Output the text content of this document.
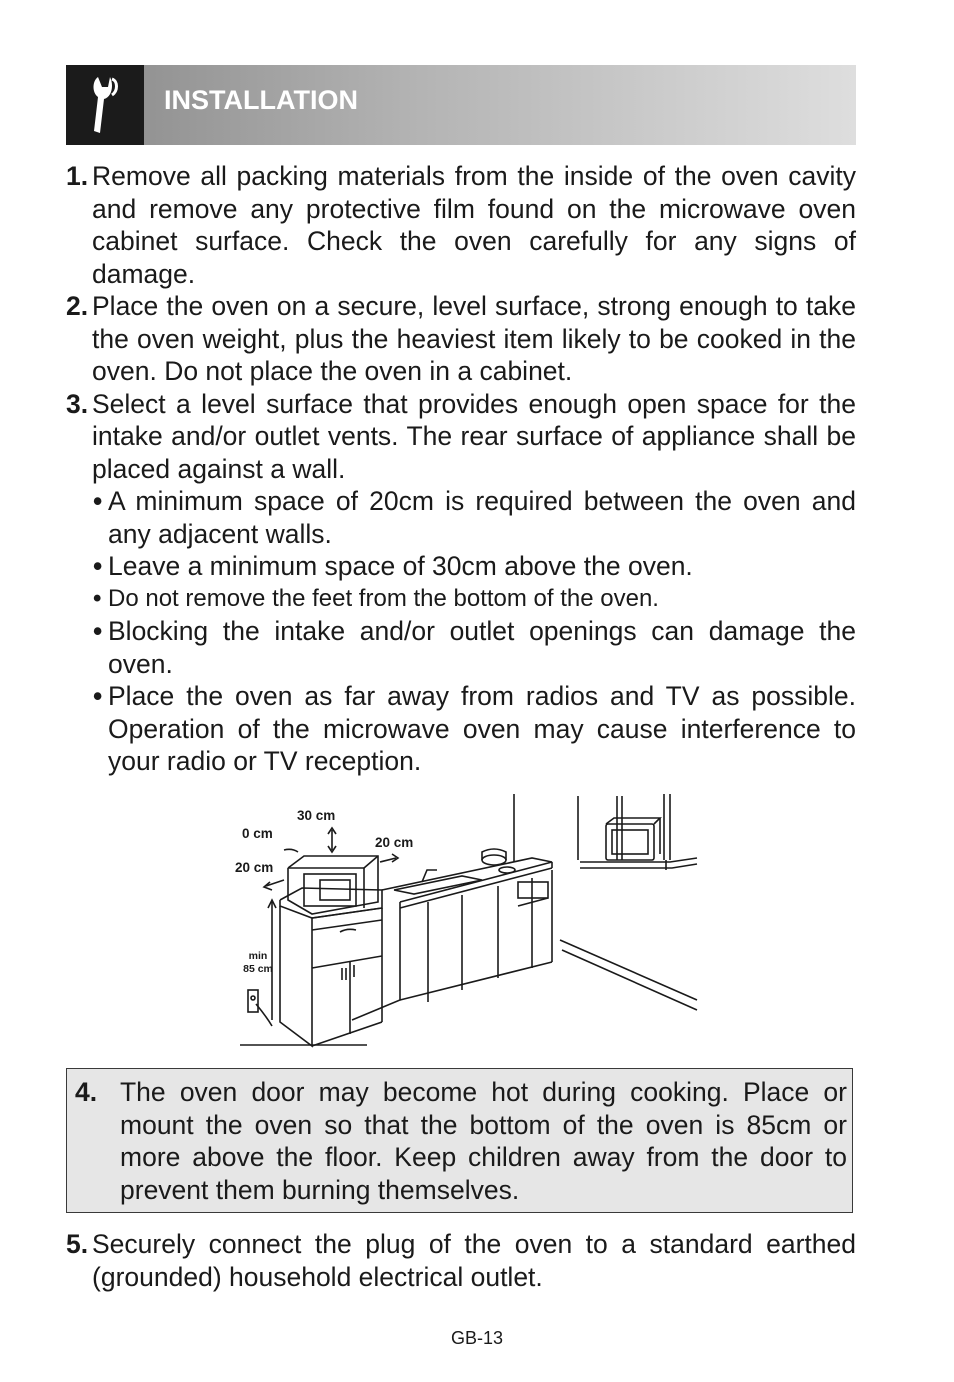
INSTALLATION

1. Remove all packing materials from the inside of the oven cavity and remove any protective film found on the microwave oven cabinet surface. Check the oven carefully for any signs of damage.

2. Place the oven on a secure, level surface, strong enough to take the oven weight, plus the heaviest item likely to be cooked in the oven. Do not place the oven in a cabinet.

3. Select a level surface that provides enough open space for the intake and/or outlet vents. The rear surface of appliance shall be placed against a wall.

• A minimum space of 20cm is required between the oven and any adjacent walls.
• Leave a minimum space of 30cm above the oven.
• Do not remove the feet from the bottom of the oven.
• Blocking the intake and/or outlet openings can damage the oven.
• Place the oven as far away from radios and TV as possible. Operation of the microwave oven may cause interference to your radio or TV reception.
30 cm
0 cm
20 cm
20 cm
min
85 cm
4. The oven door may become hot during cooking. Place or mount the oven so that the bottom of the oven is 85cm or more above the floor. Keep children away from the door to prevent them burning themselves.

5. Securely connect the plug of the oven to a standard earthed (grounded) household electrical outlet.

GB-13
